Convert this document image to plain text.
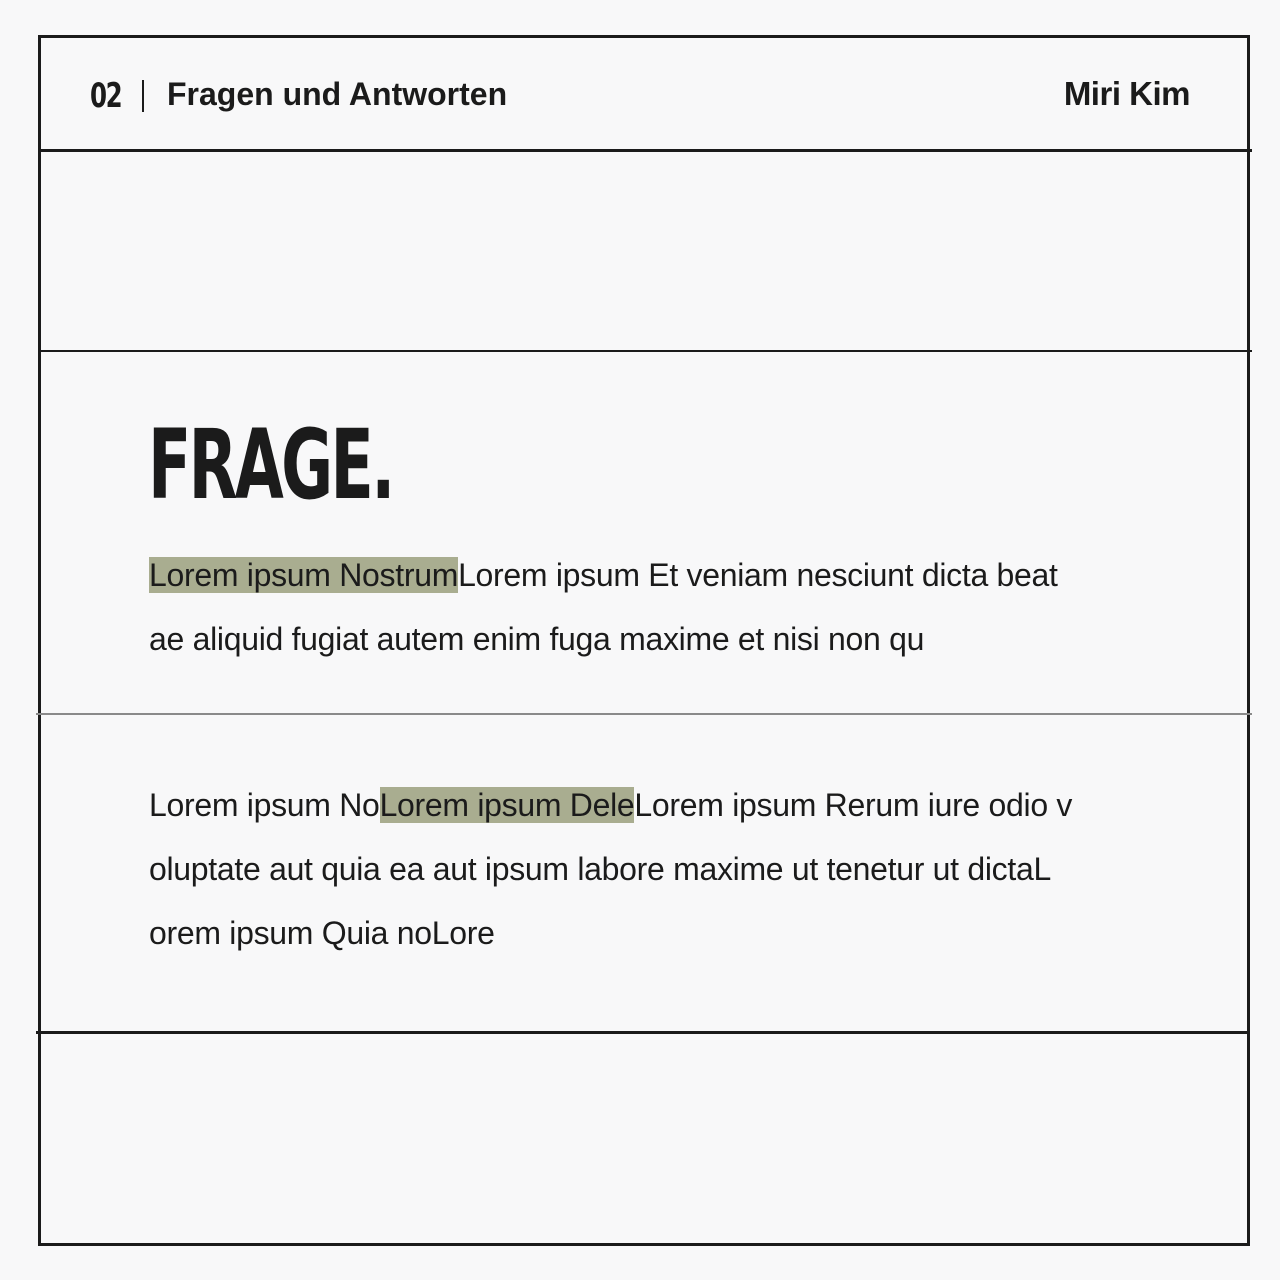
02 Fragen und Antworten	Miri Kim
FRAGE.
Lorem ipsum NostrumLorem ipsum Et veniam nesciunt dicta beat
ae aliquid fugiat autem enim fuga maxime et nisi non qu
Lorem ipsum NoLorem ipsum DeleLorem ipsum Rerum iure odio v
oluptate aut quia ea aut ipsum labore maxime ut tenetur ut dictaL
orem ipsum Quia noLore
